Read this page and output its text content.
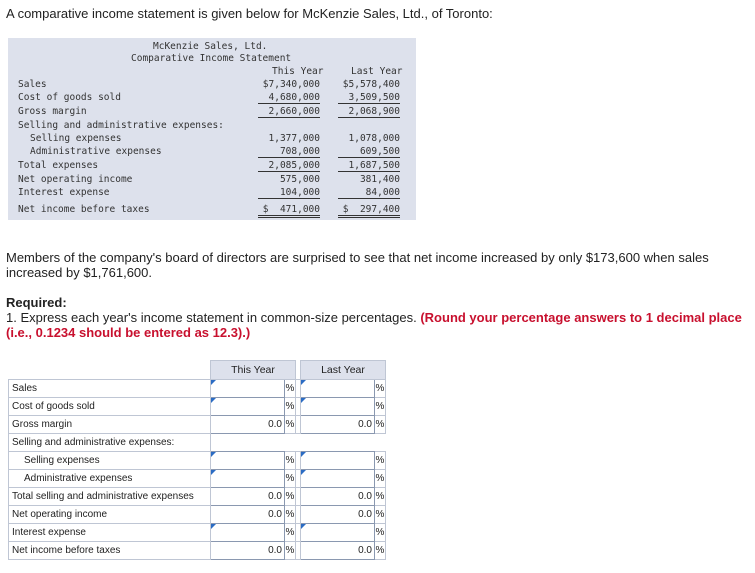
A comparative income statement is given below for McKenzie Sales, Ltd., of Toronto:
McKenzie Sales, Ltd.
Comparative Income Statement
This Year	Last Year
Sales	$7,340,000	$5,578,400
Cost of goods sold	4,680,000	3,509,500
Gross margin	2,660,000	2,068,900
Selling and administrative expenses:
Selling expenses	1,377,000	1,078,000
Administrative expenses	708,000	609,500
Total expenses	2,085,000	1,687,500
Net operating income	575,000	381,400
Interest expense	104,000	84,000
Net income before taxes	$  471,000	$  297,400
Members of the company's board of directors are surprised to see that net income increased by only $173,600 when sales increased by $1,761,600.
Required:
1. Express each year's income statement in common-size percentages. (Round your percentage answers to 1 decimal place (i.e., 0.1234 should be entered as 12.3).)
	This Year			Last Year	
Sales		%			%
Cost of goods sold		%			%
Gross margin	0.0	%		0.0	%
Selling and administrative expenses:					
Selling expenses		%			%
Administrative expenses		%			%
Total selling and administrative expenses	0.0	%		0.0	%
Net operating income	0.0	%		0.0	%
Interest expense		%			%
Net income before taxes	0.0	%		0.0	%
